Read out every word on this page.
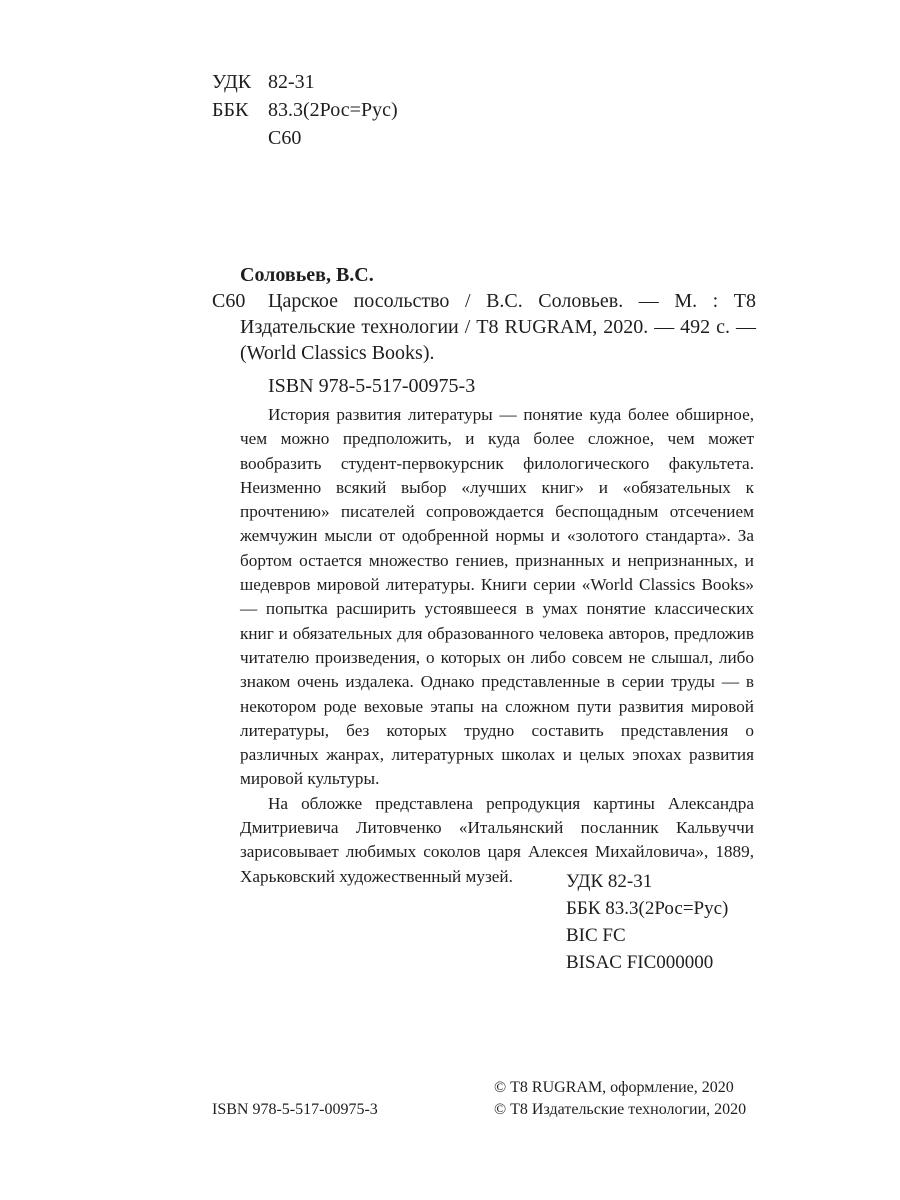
УДК 82-31
ББК 83.3(2Рос=Рус)
С60
Соловьев, В.С.
С60	Царское посольство / В.С. Соловьев. — М. : Т8 Издательские технологии / Т8 RUGRAM, 2020. — 492 с. — (World Classics Books).
ISBN 978-5-517-00975-3

История развития литературы — понятие куда более обширное, чем можно предположить, и куда более сложное, чем может вообразить студент-первокурсник филологического факультета. Неизменно всякий выбор «лучших книг» и «обязательных к прочтению» писателей сопровождается беспощадным отсечением жемчужин мысли от одобренной нормы и «золотого стандарта». За бортом остается множество гениев, признанных и непризнанных, и шедевров мировой литературы. Книги серии «World Classics Books» — попытка расширить устоявшееся в умах понятие классических книг и обязательных для образованного человека авторов, предложив читателю произведения, о которых он либо совсем не слышал, либо знаком очень издалека. Однако представленные в серии труды — в некотором роде веховые этапы на сложном пути развития мировой литературы, без которых трудно составить представления о различных жанрах, литературных школах и целых эпохах развития мировой культуры.

На обложке представлена репродукция картины Александра Дмитриевича Литовченко «Итальянский посланник Кальвуччи зарисовывает любимых соколов царя Алексея Михайловича», 1889, Харьковский художественный музей.	УДК 82-31
ББК 83.3(2Рос=Рус)
BIC FC
BISAC FIC000000
ISBN 978-5-517-00975-3
© Т8 RUGRAM, оформление, 2020
© Т8 Издательские технологии, 2020
